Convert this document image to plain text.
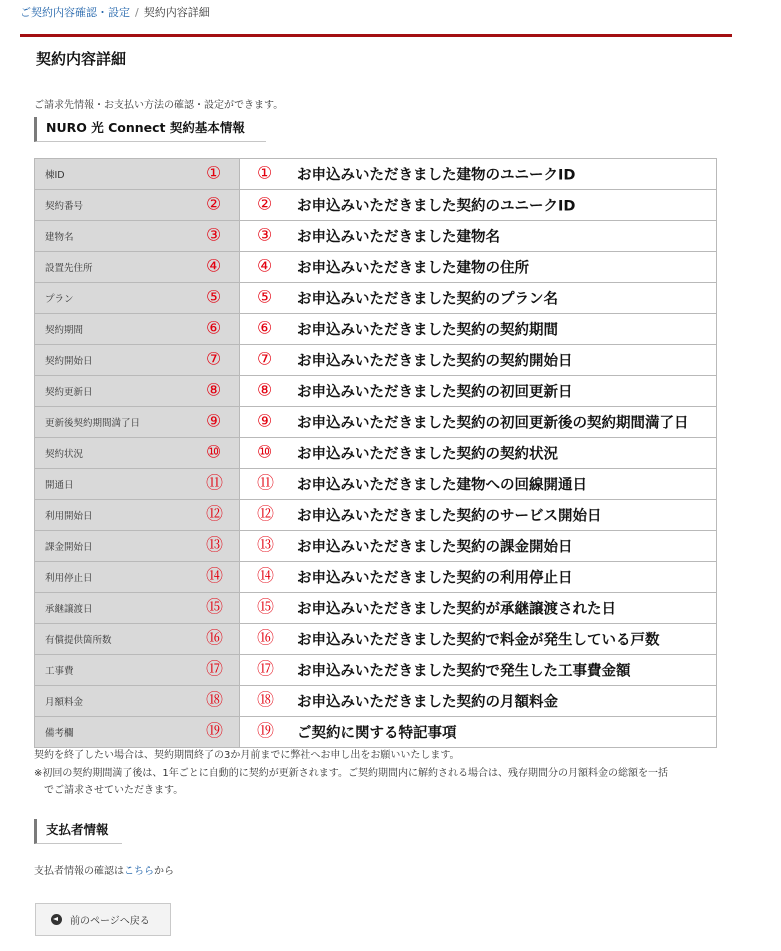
ご契約内容確認・設定 / 契約内容詳細
契約内容詳細

ご請求先情報・お支払い方法の確認・設定ができます。

NURO 光 Connect 契約基本情報
棟ID ①	① お申込みいただきました建物のユニークID

契約番号 ②	② お申込みいただきました契約のユニークID

建物名 ③	③ お申込みいただきました建物名

設置先住所 ④	④ お申込みいただきました建物の住所

プラン ⑤	⑤ お申込みいただきました契約のプラン名

契約期間 ⑥	⑥ お申込みいただきました契約の契約期間

契約開始日 ⑦	⑦ お申込みいただきました契約の契約開始日

契約更新日 ⑧	⑧ お申込みいただきました契約の初回更新日

更新後契約期間満了日 ⑨	⑨ お申込みいただきました契約の初回更新後の契約期間満了日

契約状況 ⑩	⑩ お申込みいただきました契約の契約状況

開通日 ⑪	⑪ お申込みいただきました建物への回線開通日

利用開始日 ⑫	⑫ お申込みいただきました契約のサービス開始日

課金開始日 ⑬	⑬ お申込みいただきました契約の課金開始日

利用停止日 ⑭	⑭ お申込みいただきました契約の利用停止日

承継譲渡日 ⑮	⑮ お申込みいただきました契約が承継譲渡された日

有償提供箇所数 ⑯	⑯ お申込みいただきました契約で料金が発生している戸数

工事費 ⑰	⑰ お申込みいただきました契約で発生した工事費金額

月額料金 ⑱	⑱ お申込みいただきました契約の月額料金

備考欄 ⑲	⑲ ご契約に関する特記事項

契約を終了したい場合は、契約期間終了の3か月前までに弊社へお申し出をお願いいたします。

※初回の契約期間満了後は、1年ごとに自動的に契約が更新されます。ご契約期間内に解約される場合は、残存期間分の月額料金の総額を一括
でご請求させていただきます。

支払者情報

支払者情報の確認はこちらから

前のページへ戻る
